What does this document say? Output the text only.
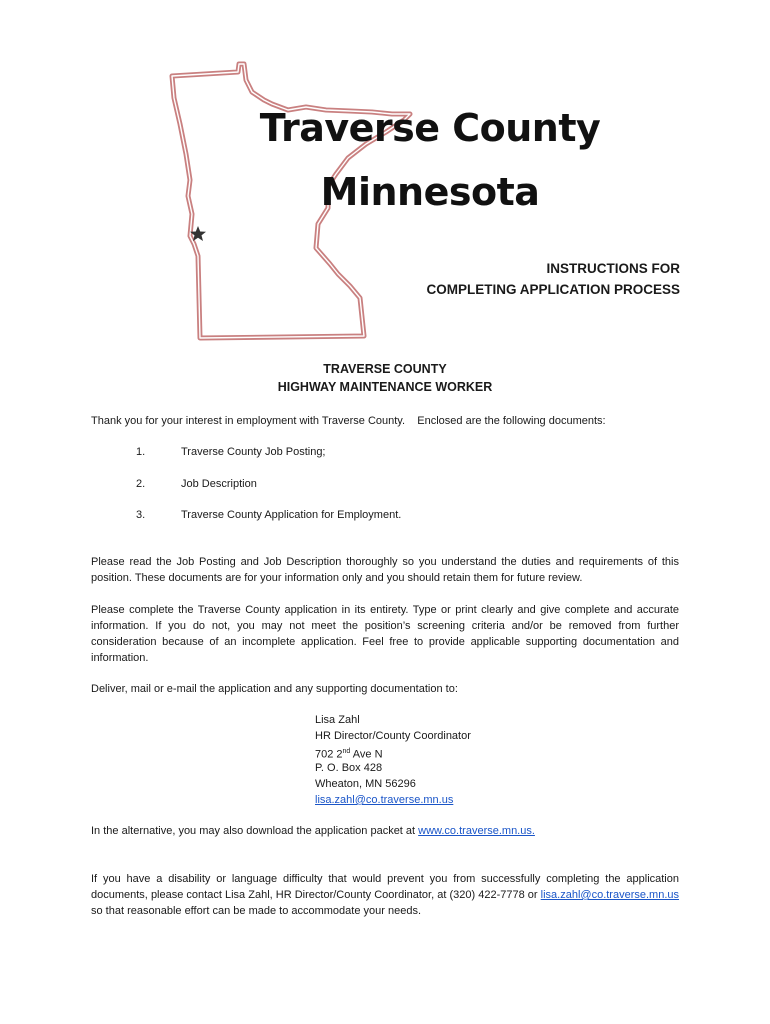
Traverse County
Minnesota
INSTRUCTIONS FOR
COMPLETING APPLICATION PROCESS
TRAVERSE COUNTY
HIGHWAY MAINTENANCE WORKER
Thank you for your interest in employment with Traverse County.    Enclosed are the following documents:
1.	Traverse County Job Posting;
2.	Job Description
3.	Traverse County Application for Employment.
Please read the Job Posting and Job Description thoroughly so you understand the duties and requirements of this position. These documents are for your information only and you should retain them for future review.
Please complete the Traverse County application in its entirety. Type or print clearly and give complete and accurate information. If you do not, you may not meet the position’s screening criteria and/or be removed from further consideration because of an incomplete application. Feel free to provide applicable supporting documentation and information.
Deliver, mail or e-mail the application and any supporting documentation to:
Lisa Zahl
HR Director/County Coordinator
702 2nd Ave N
P. O. Box 428
Wheaton, MN 56296
lisa.zahl@co.traverse.mn.us
In the alternative, you may also download the application packet at www.co.traverse.mn.us.
If you have a disability or language difficulty that would prevent you from successfully completing the application documents, please contact Lisa Zahl, HR Director/County Coordinator, at (320) 422-7778 or lisa.zahl@co.traverse.mn.us so that reasonable effort can be made to accommodate your needs.
